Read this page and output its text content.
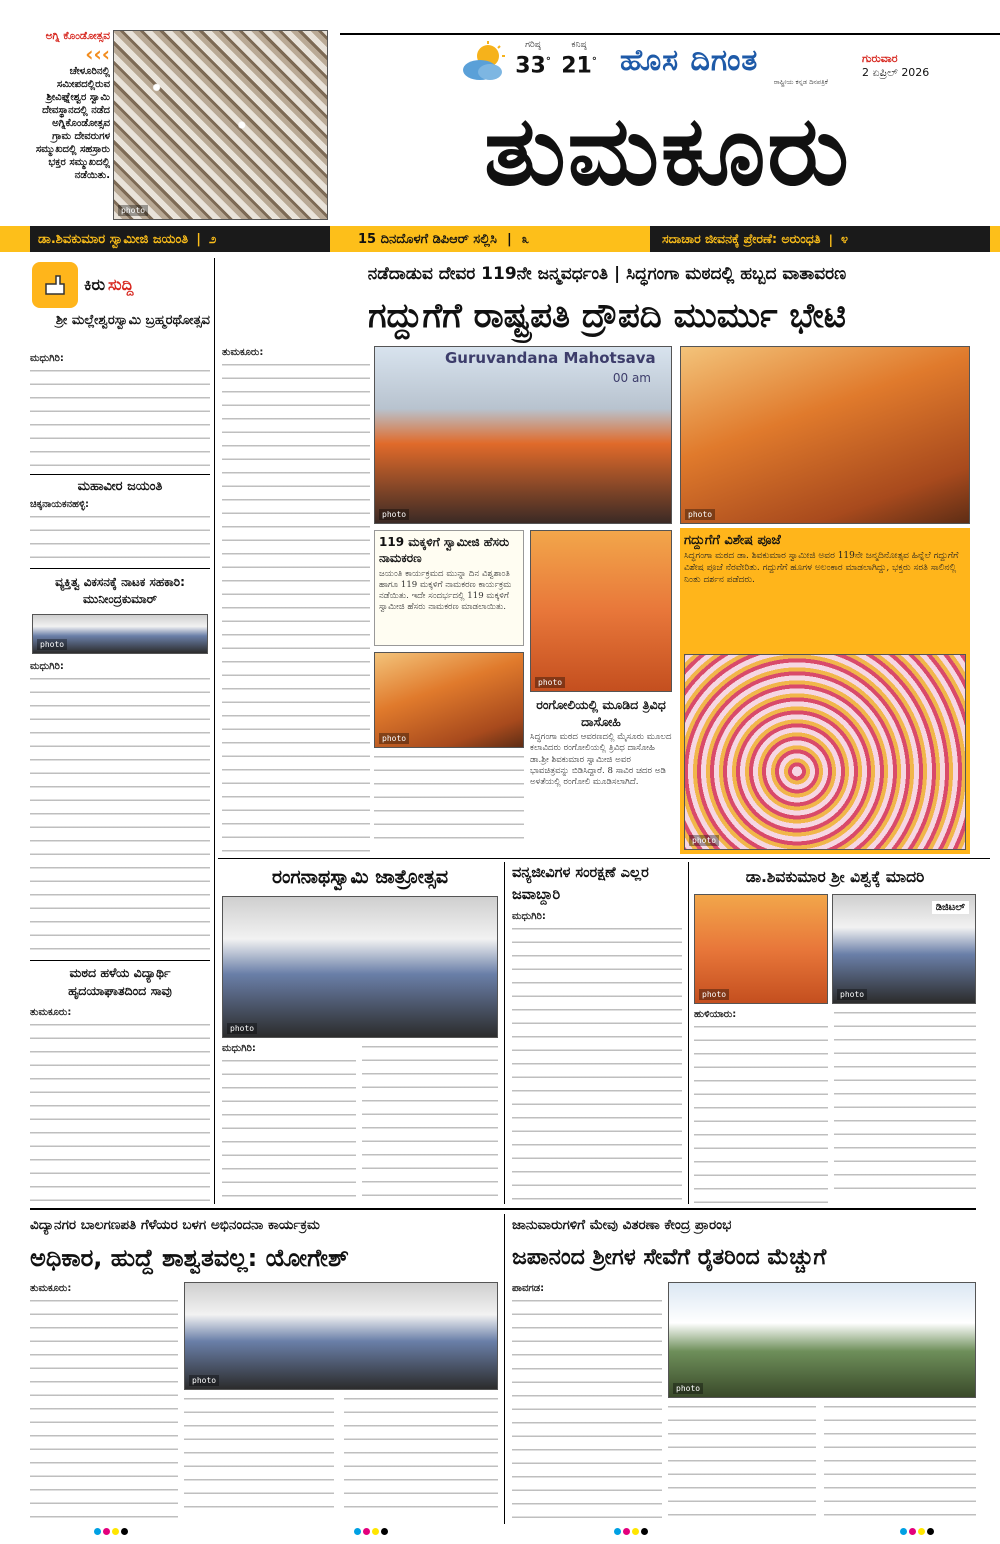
photo
ಅಗ್ನಿ ಕೊಂಡೋತ್ಸವ
‹‹‹
ಚೇಳೂರಿನಲ್ಲಿ ಸಮೀಪದಲ್ಲಿರುವ ಶ್ರೀವಿಘ್ನೇಶ್ವರ ಸ್ವಾಮಿ ದೇವಸ್ಥಾನದಲ್ಲಿ ನಡೆದ ಅಗ್ನಿಕೊಂಡೋತ್ಸವ ಗ್ರಾಮ ದೇವರುಗಳ ಸಮ್ಮುಖದಲ್ಲಿ ಸಹಸ್ರಾರು ಭಕ್ತರ ಸಮ್ಮುಖದಲ್ಲಿ ನಡೆಯಿತು.
ಗರಿಷ್ಠ
33°
ಕನಿಷ್ಠ
21° ಹೊಸ ದಿಗಂತ
ರಾಷ್ಟ್ರೀಯ ಕನ್ನಡ ದಿನಪತ್ರಿಕೆ
ಗುರುವಾರ
2 ಏಪ್ರಿಲ್ 2026
ತುಮಕೂರು
ಡಾ.ಶಿವಕುಮಾರ ಸ್ವಾಮೀಜಿ ಜಯಂತಿ | ೨	15 ದಿನದೊಳಗೆ ಡಿಪಿಆರ್ ಸಲ್ಲಿಸಿ | ೩	ಸದಾಚಾರ ಜೀವನಕ್ಕೆ ಪ್ರೇರಣೆ: ಅರುಂಧತಿ | ೪
ಕಿರು ಸುದ್ದಿ
ಶ್ರೀ ಮಲ್ಲೇಶ್ವರಸ್ವಾಮಿ ಬ್ರಹ್ಮರಥೋತ್ಸವ
ಮಧುಗಿರಿ:
ಮಹಾವೀರ ಜಯಂತಿ
ಚಿಕ್ಕನಾಯಕನಹಳ್ಳಿ:
ವ್ಯಕ್ತಿತ್ವ ವಿಕಸನಕ್ಕೆ ನಾಟಕ ಸಹಕಾರಿ: ಮುನೀಂದ್ರಕುಮಾರ್
photo
ಮಧುಗಿರಿ:
ಮಠದ ಹಳೆಯ ವಿದ್ಯಾರ್ಥಿ ಹೃದಯಾಘಾತದಿಂದ ಸಾವು
ತುಮಕೂರು:
ನಡೆದಾಡುವ ದೇವರ 119ನೇ ಜನ್ಮವರ್ಧಂತಿ | ಸಿದ್ಧಗಂಗಾ ಮಠದಲ್ಲಿ ಹಬ್ಬದ ವಾತಾವರಣ
ಗದ್ದುಗೆಗೆ ರಾಷ್ಟ್ರಪತಿ ದ್ರೌಪದಿ ಮುರ್ಮು ಭೇಟಿ
ತುಮಕೂರು:	Guruvandana Mahotsava
00 am
photo	photo
119 ಮಕ್ಕಳಿಗೆ ಸ್ವಾಮೀಜಿ ಹೆಸರು ನಾಮಕರಣ
ಜಯಂತಿ ಕಾರ್ಯಕ್ರಮದ ಮುನ್ನಾ ದಿನ ವಿಶ್ವಶಾಂತಿ ಹಾಗೂ 119 ಮಕ್ಕಳಿಗೆ ನಾಮಕರಣ ಕಾರ್ಯಕ್ರಮ ನಡೆಯಿತು. ಇದೇ ಸಂದರ್ಭದಲ್ಲಿ 119 ಮಕ್ಕಳಿಗೆ ಸ್ವಾಮೀಜಿ ಹೆಸರು ನಾಮಕರಣ ಮಾಡಲಾಯಿತು.
photo
photo
ರಂಗೋಲಿಯಲ್ಲಿ ಮೂಡಿದ ತ್ರಿವಿಧ ದಾಸೋಹಿ
ಸಿದ್ಧಗಂಗಾ ಮಠದ ಆವರಣದಲ್ಲಿ ಮೈಸೂರು ಮೂಲದ ಕಲಾವಿದರು ರಂಗೋಲಿಯಲ್ಲಿ ತ್ರಿವಿಧ ದಾಸೋಹಿ ಡಾ.ಶ್ರೀ ಶಿವಕುಮಾರ ಸ್ವಾಮೀಜಿ ಅವರ ಭಾವಚಿತ್ರವನ್ನು ಬಿಡಿಸಿದ್ದಾರೆ. 8 ಸಾವಿರ ಚದರ ಅಡಿ ಅಳತೆಯಲ್ಲಿ ರಂಗೋಲಿ ಮೂಡಿಸಲಾಗಿದೆ.
ಗದ್ದುಗೆಗೆ ವಿಶೇಷ ಪೂಜೆ
ಸಿದ್ಧಗಂಗಾ ಮಠದ ಡಾ. ಶಿವಕುಮಾರ ಸ್ವಾಮೀಜಿ ಅವರ 119ನೇ ಜನ್ಮದಿನೋತ್ಸವ ಹಿನ್ನೆಲೆ ಗದ್ದುಗೆಗೆ ವಿಶೇಷ ಪೂಜೆ ನೆರವೇರಿತು. ಗದ್ದುಗೆಗೆ ಹೂಗಳ ಅಲಂಕಾರ ಮಾಡಲಾಗಿದ್ದು, ಭಕ್ತರು ಸರತಿ ಸಾಲಿನಲ್ಲಿ ನಿಂತು ದರ್ಶನ ಪಡೆದರು.
photo
ರಂಗನಾಥಸ್ವಾಮಿ ಜಾತ್ರೋತ್ಸವ
photo
ಮಧುಗಿರಿ:
ವನ್ಯಜೀವಿಗಳ ಸಂರಕ್ಷಣೆ ಎಲ್ಲರ ಜವಾಬ್ದಾರಿ
ಮಧುಗಿರಿ:
ಡಾ.ಶಿವಕುಮಾರ ಶ್ರೀ ವಿಶ್ವಕ್ಕೆ ಮಾದರಿ
photo
ಡಿಜಿಟಲ್
photo
ಹುಳಿಯಾರು:
ವಿದ್ಯಾನಗರ ಬಾಲಗಣಪತಿ ಗೆಳೆಯರ ಬಳಗ ಅಭಿನಂದನಾ ಕಾರ್ಯಕ್ರಮ
ಅಧಿಕಾರ, ಹುದ್ದೆ ಶಾಶ್ವತವಲ್ಲ: ಯೋಗೇಶ್
ತುಮಕೂರು:
photo
ಜಾನುವಾರುಗಳಿಗೆ ಮೇವು ವಿತರಣಾ ಕೇಂದ್ರ ಪ್ರಾರಂಭ
ಜಪಾನಂದ ಶ್ರೀಗಳ ಸೇವೆಗೆ ರೈತರಿಂದ ಮೆಚ್ಚುಗೆ
ಪಾವಗಡ:
photo
